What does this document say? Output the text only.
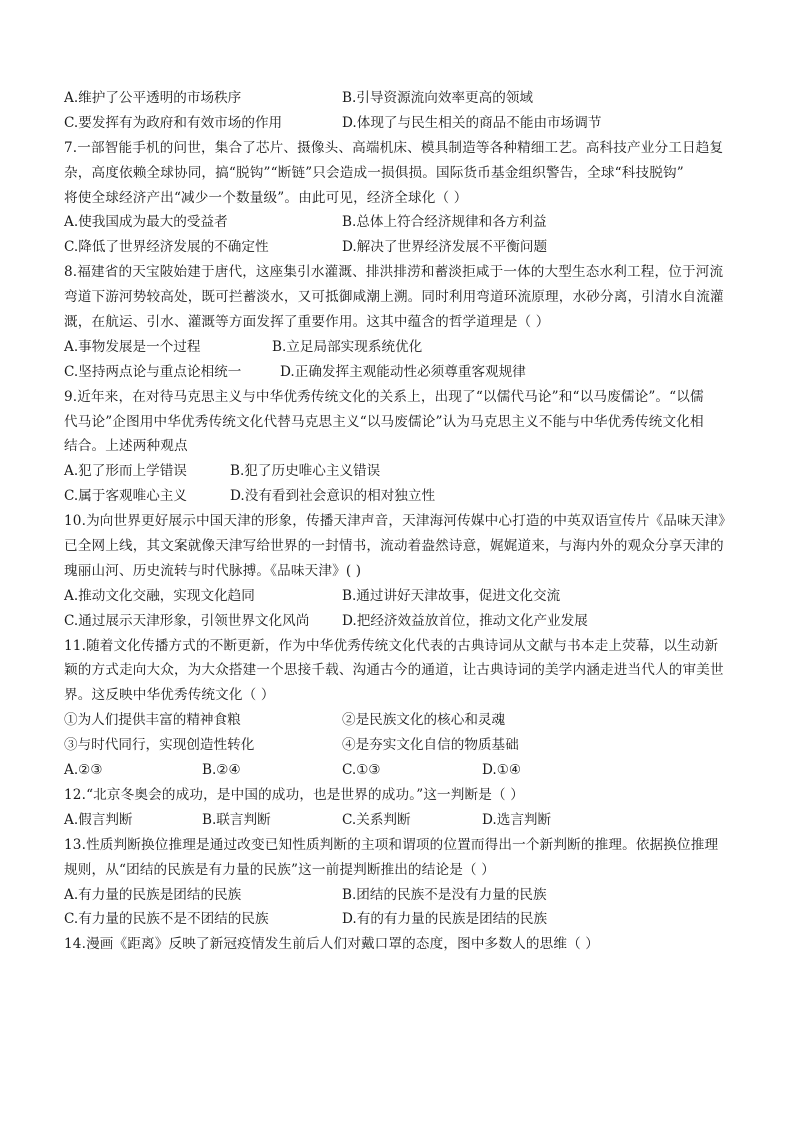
A.维护了公平透明的市场秩序	B.引导资源流向效率更高的领域
C.要发挥有为政府和有效市场的作用	D.体现了与民生相关的商品不能由市场调节
7.一部智能手机的问世，集合了芯片、摄像头、高端机床、模具制造等各种精细工艺。高科技产业分工日趋复
杂，高度依赖全球协同，搞“脱钩”“断链”只会造成一损俱损。国际货币基金组织警告，全球“科技脱钩”
将使全球经济产出“减少一个数量级”。由此可见，经济全球化（ ）
A.使我国成为最大的受益者	B.总体上符合经济规律和各方利益
C.降低了世界经济发展的不确定性	D.解决了世界经济发展不平衡问题
8.福建省的天宝陂始建于唐代，这座集引水灌溉、排洪排涝和蓄淡拒咸于一体的大型生态水利工程，位于河流
弯道下游河势较高处，既可拦蓄淡水，又可抵御咸潮上溯。同时利用弯道环流原理，水砂分离，引清水自流灌
溉，在航运、引水、灌溉等方面发挥了重要作用。这其中蕴含的哲学道理是（ ）
A.事物发展是一个过程	B.立足局部实现系统优化
C.坚持两点论与重点论相统一	D.正确发挥主观能动性必须尊重客观规律
9.近年来，在对待马克思主义与中华优秀传统文化的关系上，出现了“以儒代马论”和“以马废儒论”。“以儒
代马论”企图用中华优秀传统文化代替马克思主义“以马废儒论”认为马克思主义不能与中华优秀传统文化相
结合。上述两种观点
A.犯了形而上学错误	B.犯了历史唯心主义错误
C.属于客观唯心主义	D.没有看到社会意识的相对独立性
10.为向世界更好展示中国天津的形象，传播天津声音，天津海河传媒中心打造的中英双语宣传片《品味天津》
已全网上线，其文案就像天津写给世界的一封情书，流动着盎然诗意，娓娓道来，与海内外的观众分享天津的
瑰丽山河、历史流转与时代脉搏。《品味天津》( )
A.推动文化交融，实现文化趋同	B.通过讲好天津故事，促进文化交流
C.通过展示天津形象，引领世界文化风尚 D.把经济效益放首位，推动文化产业发展
11.随着文化传播方式的不断更新，作为中华优秀传统文化代表的古典诗词从文献与书本走上荧幕，以生动新
颖的方式走向大众，为大众搭建一个思接千载、沟通古今的通道，让古典诗词的美学内涵走进当代人的审美世
界。这反映中华优秀传统文化（ ）
①为人们提供丰富的精神食粮	②是民族文化的核心和灵魂
③与时代同行，实现创造性转化	④是夯实文化自信的物质基础
A.②③	B.②④	C.①③	D.①④
12.“北京冬奥会的成功，是中国的成功，也是世界的成功。”这一判断是（ ）
A.假言判断	B.联言判断	C.关系判断	D.选言判断
13.性质判断换位推理是通过改变已知性质判断的主项和谓项的位置而得出一个新判断的推理。依据换位推理
规则，从“团结的民族是有力量的民族”这一前提判断推出的结论是（ ）
A.有力量的民族是团结的民族	B.团结的民族不是没有力量的民族
C.有力量的民族不是不团结的民族	D.有的有力量的民族是团结的民族
14.漫画《距离》反映了新冠疫情发生前后人们对戴口罩的态度，图中多数人的思维（ ）
